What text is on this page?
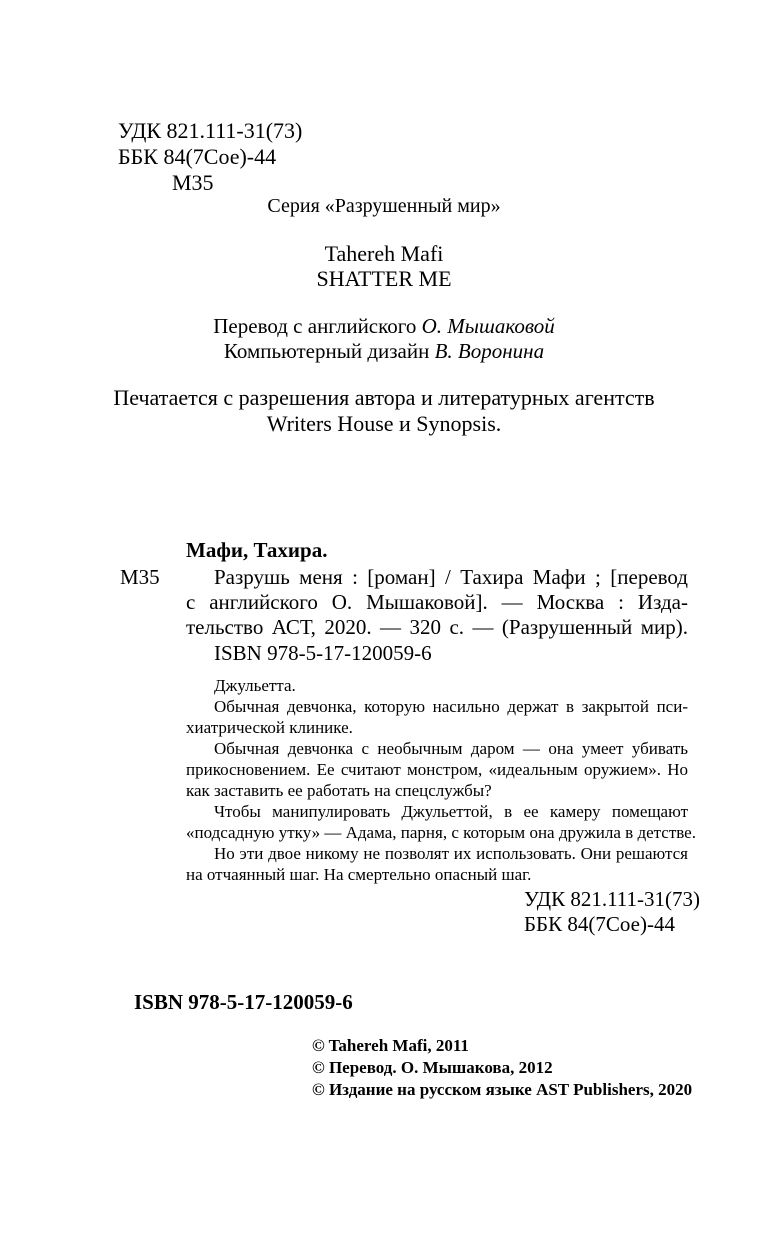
УДК 821.111-31(73)
ББК 84(7Сое)-44
М35
Серия «Разрушенный мир»
Tahereh Mafi
SHATTER ME
Перевод с английского О. Мышаковой
Компьютерный дизайн В. Воронина
Печатается с разрешения автора и литературных агентств
Writers House и Synopsis.
Мафи, Тахира.
М35	Разрушь меня : [роман] / Тахира Мафи ; [перевод
с английского О. Мышаковой]. — Москва : Изда-
тельство АСТ, 2020. — 320 с. — (Разрушенный мир).
ISBN 978-5-17-120059-6
Джульетта.
Обычная девчонка, которую насильно держат в закрытой пси-
хиатрической клинике.
Обычная девчонка с необычным даром — она умеет убивать
прикосновением. Ее считают монстром, «идеальным оружием». Но
как заставить ее работать на спецслужбы?
Чтобы манипулировать Джульеттой, в ее камеру помещают
«подсадную утку» — Адама, парня, с которым она дружила в детстве.
Но эти двое никому не позволят их использовать. Они решаются
на отчаянный шаг. На смертельно опасный шаг.
УДК 821.111-31(73)
ББК 84(7Сое)-44
ISBN 978-5-17-120059-6
© Tahereh Mafi, 2011
© Перевод. О. Мышакова, 2012
© Издание на русском языке AST Publishers, 2020
